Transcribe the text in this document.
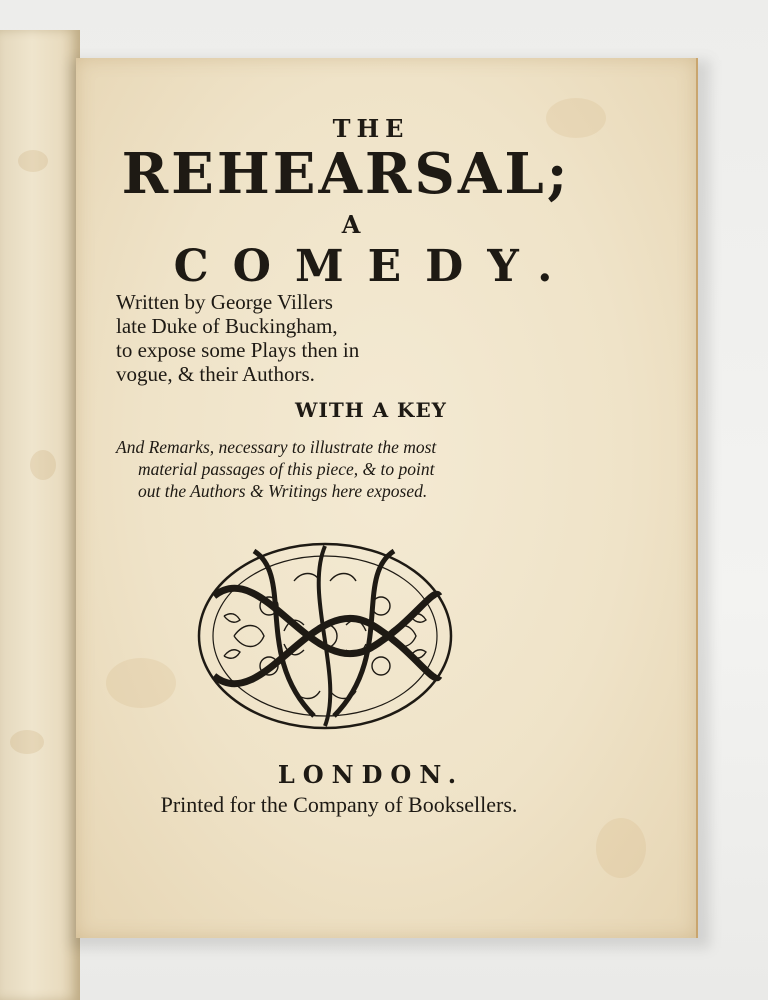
THE
REHEARSAL;
A
COMEDY.
Written by George Villers
late Duke of Buckingham,
to expose some Plays then in
vogue, & their Authors.
WITH A KEY
And Remarks, necessary to illustrate the most
material passages of this piece, & to point
out the Authors & Writings here exposed.
LONDON.
Printed for the Company of Booksellers.
